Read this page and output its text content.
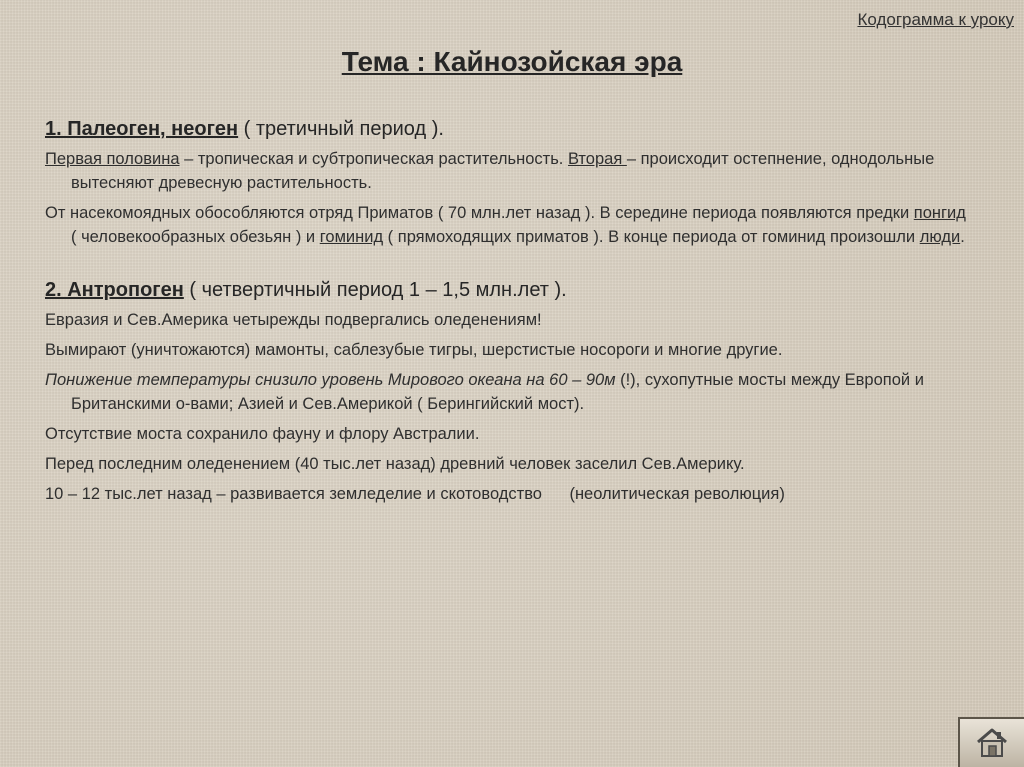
Кодограмма к уроку
Тема : Кайнозойская эра
1. Палеоген, неоген ( третичный период ).

Первая половина – тропическая и субтропическая растительность. Вторая – происходит остепнение, однодольные вытесняют древесную растительность.

От насекомоядных обособляются отряд Приматов ( 70 млн.лет назад ). В середине периода появляются предки понгид ( человекообразных обезьян ) и гоминид ( прямоходящих приматов ). В конце периода от гоминид произошли люди.

2. Антропоген ( четвертичный период 1 – 1,5 млн.лет ).

Евразия и Сев.Америка четырежды подвергались оледенениям!

Вымирают (уничтожаются) мамонты, саблезубые тигры, шерстистые носороги и многие другие.

Понижение температуры снизило уровень Мирового океана на 60 – 90м (!), сухопутные мосты между Европой и Британскими о-вами; Азией и Сев.Америкой ( Берингийский мост).

Отсутствие моста сохранило фауну и флору Австралии.

Перед последним оледенением (40 тыс.лет назад) древний человек заселил Сев.Америку.

10 – 12 тыс.лет назад – развивается земледелие и скотоводство      (неолитическая революция)
